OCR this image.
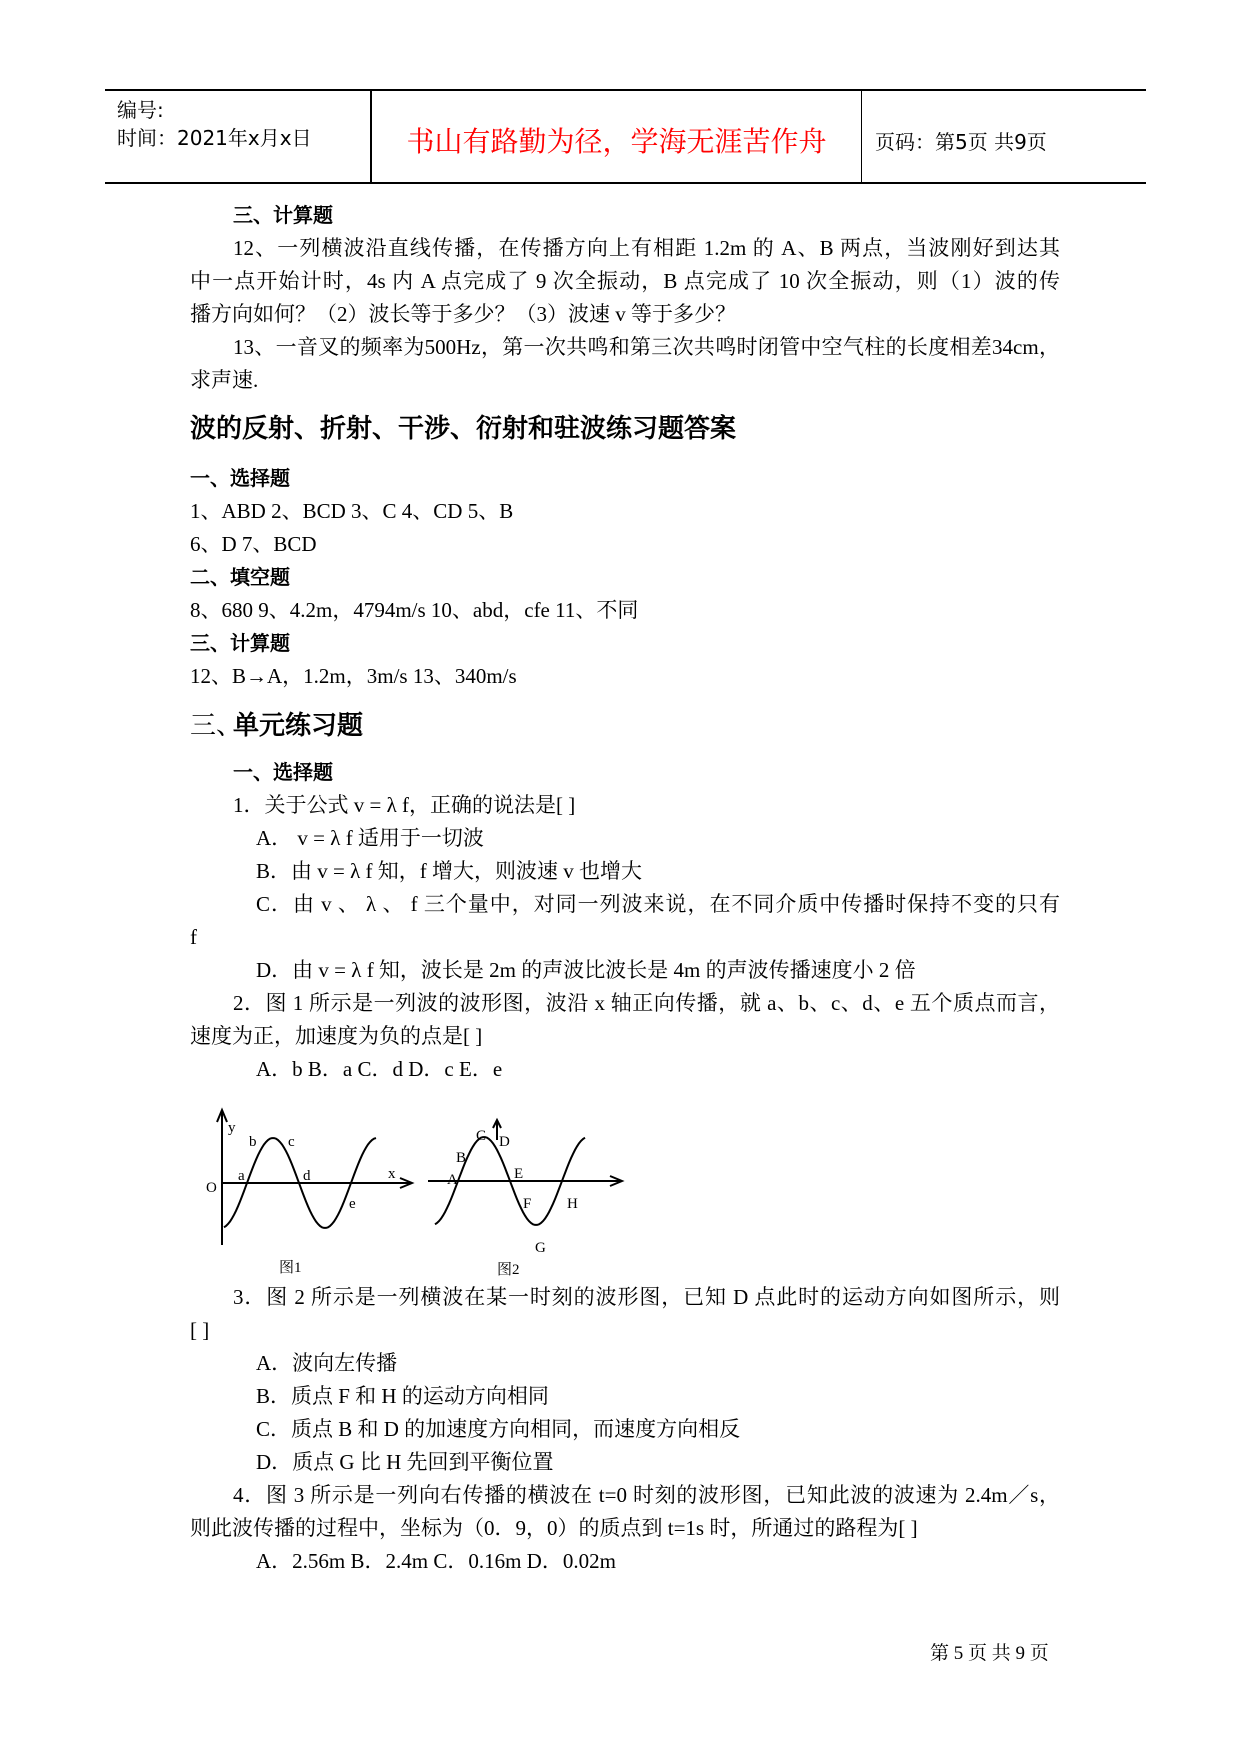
编号:
时间：2021年x月x日	书山有路勤为径，学海无涯苦作舟	页码：第5页 共9页
三、计算题
12、一列横波沿直线传播，在传播方向上有相距 1.2m 的 A、B 两点，当波刚好到达其
中一点开始计时，4s 内 A 点完成了 9 次全振动，B 点完成了 10 次全振动，则（1）波的传
播方向如何？（2）波长等于多少？（3）波速 v 等于多少？
13、一音叉的频率为500Hz，第一次共鸣和第三次共鸣时闭管中空气柱的长度相差34cm，
求声速.
波的反射、折射、干涉、衍射和驻波练习题答案
一、选择题
1、ABD 2、BCD 3、C 4、CD 5、B
6、D 7、BCD
二、填空题
8、680 9、4.2m，4794m/s 10、abd，cfe 11、不同
三、计算题
12、B→A，1.2m，3m/s 13、340m/s
三、
单元练习题
一、选择题
1．关于公式 v = λ f，正确的说法是[ ]
A． v = λ f 适用于一切波
B．由 v = λ f 知，f 增大，则波速 v 也增大
C．由 v 、 λ 、 f 三个量中，对同一列波来说，在不同介质中传播时保持不变的只有
f
D．由 v = λ f 知，波长是 2m 的声波比波长是 4m 的声波传播速度小 2 倍
2．图 1 所示是一列波的波形图，波沿 x 轴正向传播，就 a、b、c、d、e 五个质点而言，
速度为正，加速度为负的点是[ ]
A．b B．a C．d D．c E．e
3．图 2 所示是一列横波在某一时刻的波形图，已知 D 点此时的运动方向如图所示，则
[ ]
A．波向左传播
B．质点 F 和 H 的运动方向相同
C．质点 B 和 D 的加速度方向相同，而速度方向相反
D．质点 G 比 H 先回到平衡位置
4．图 3 所示是一列向右传播的横波在 t=0 时刻的波形图，已知此波的波速为 2.4m／s，
则此波传播的过程中，坐标为（0．9，0）的质点到 t=1s 时，所通过的路程为[ ]
A．2.56m B．2.4m C．0.16m D．0.02m
y
O
x
a
b c
d
e
图1
A
B
C D
E
F
G
H
图2
第 5 页 共 9 页
